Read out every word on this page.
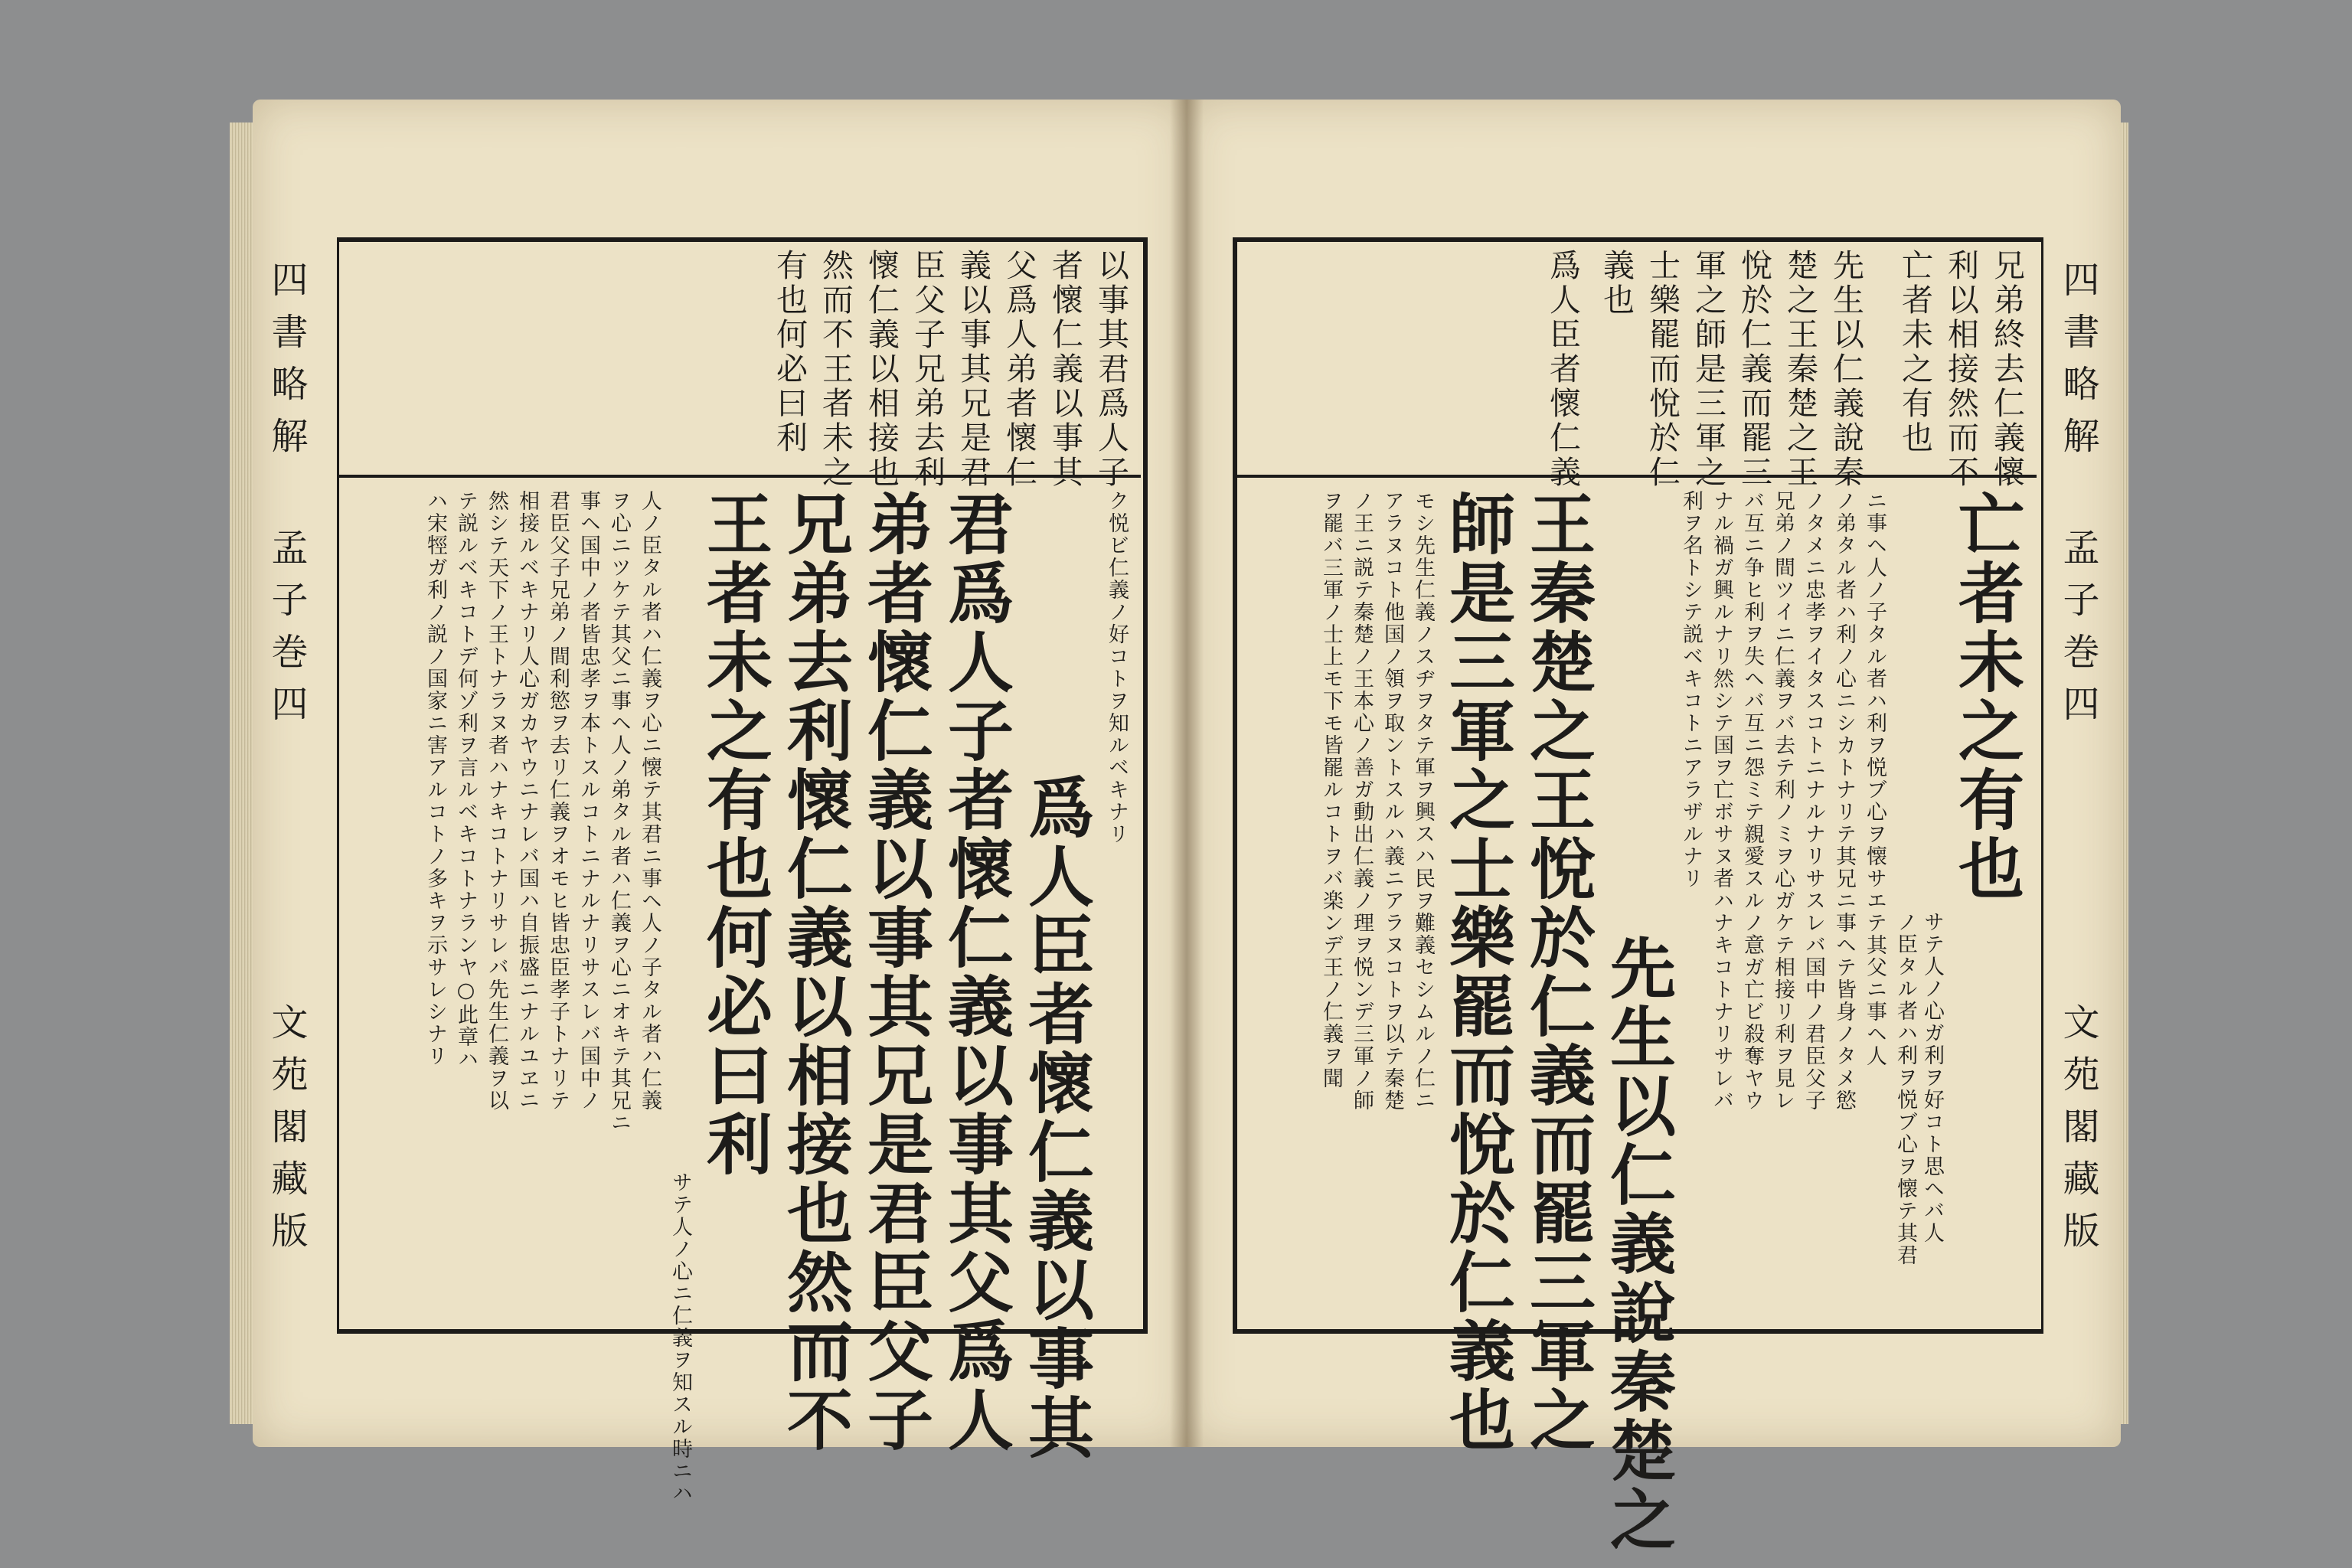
四書略解
孟子巻四
文苑閣藏版
以事其君爲人子
者懷仁義以事其
父爲人弟者懷仁
義以事其兄是君
臣父子兄弟去利
懷仁義以相接也
然而不王者未之
有也何必曰利
ク悦ビ仁義ノ好コトヲ知ルベキナリ
爲人臣者懷仁義以事其
君爲人子者懷仁義以事其父爲人
弟者懷仁義以事其兄是君臣父子
兄弟去利懷仁義以相接也然而不
王者未之有也何必曰利
サテ人ノ心ニ仁義ヲ知スル時ニハ
人ノ臣タル者ハ仁義ヲ心ニ懐テ其君ニ事ヘ人ノ子タル者ハ仁義
ヲ心ニツケテ其父ニ事ヘ人ノ弟タル者ハ仁義ヲ心ニオキテ其兄ニ
事ヘ国中ノ者皆忠孝ヲ本トスルコトニナルナリサスレバ国中ノ
君臣父子兄弟ノ間利慾ヲ去リ仁義ヲオモヒ皆忠臣孝子トナリテ
相接ルベキナリ人心ガカヤウニナレバ国ハ自振盛ニナルユヱニ
然シテ天下ノ王トナラヌ者ハナキコトナリサレバ先生仁義ヲ以
テ説ルベキコトデ何ゾ利ヲ言ルベキコトナランヤ○此章ハ
ハ宋牼ガ利ノ説ノ国家ニ害アルコトノ多キヲ示サレシナリ
四書略解
孟子巻四
文苑閣藏版
兄弟終去仁義懷
利以相接然而不
亡者未之有也
先生以仁義說秦
楚之王秦楚之王
悅於仁義而罷三
軍之師是三軍之
士樂罷而悅於仁
義也
爲人臣者懷仁義
亡者未之有也
サテ人ノ心ガ利ヲ好コト思ヘバ人
ノ臣タル者ハ利ヲ悦ブ心ヲ懐テ其君
ニ事ヘ人ノ子タル者ハ利ヲ悦ブ心ヲ懐サエテ其父ニ事ヘ人
ノ弟タル者ハ利ノ心ニシカトナリテ其兄ニ事ヘテ皆身ノタメ慾
ノタメニ忠孝ヲイタスコトニナルナリサスレバ国中ノ君臣父子
兄弟ノ間ツイニ仁義ヲバ去テ利ノミヲ心ガケテ相接リ利ヲ見レ
バ互ニ争ヒ利ヲ失ヘバ互ニ怨ミテ親愛スルノ意ガ亡ビ殺奪ヤウ
ナル禍ガ興ルナリ然シテ国ヲ亡ボサヌ者ハナキコトナリサレバ
利ヲ名トシテ説ベキコトニアラザルナリ
先生以仁義說秦楚之
王秦楚之王悅於仁義而罷三軍之
師是三軍之士樂罷而悅於仁義也
モシ先生仁義ノスヂヲタテ軍ヲ興スハ民ヲ難義セシムルノ仁ニ
アラヌコト他国ノ領ヲ取ントスルハ義ニアラヌコトヲ以テ秦楚
ノ王ニ説テ秦楚ノ王本心ノ善ガ動出仁義ノ理ヲ悦ンデ三軍ノ師
ヲ罷バ三軍ノ士上モ下モ皆罷ルコトヲバ楽ンデ王ノ仁義ヲ聞
